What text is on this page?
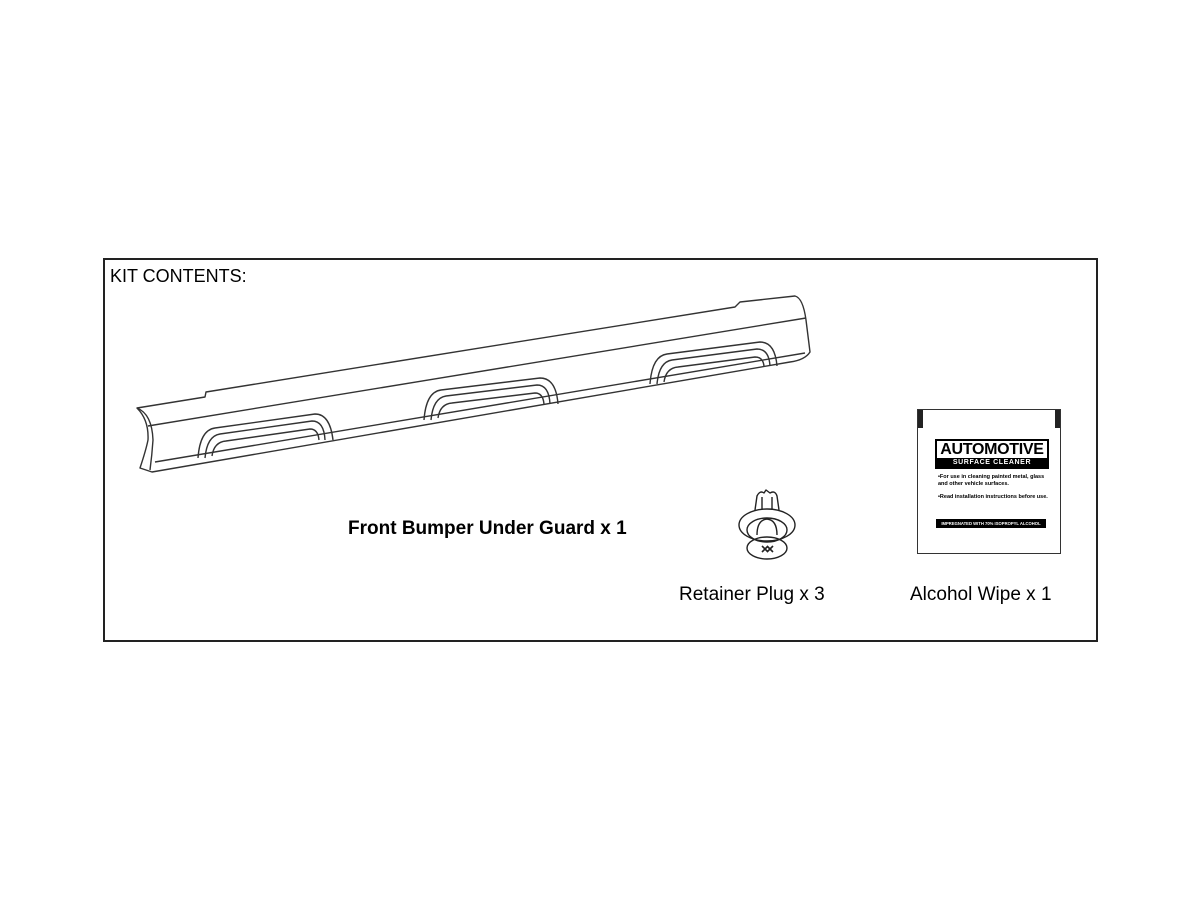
KIT CONTENTS:
Front Bumper Under Guard x 1
Retainer Plug x 3	Alcohol Wipe x 1
AUTOMOTIVE
SURFACE CLEANER
•For use in cleaning painted metal, glass and other vehicle surfaces.
•Read installation instructions before use.
IMPREGNATED WITH 70% ISOPROPYL ALCOHOL
